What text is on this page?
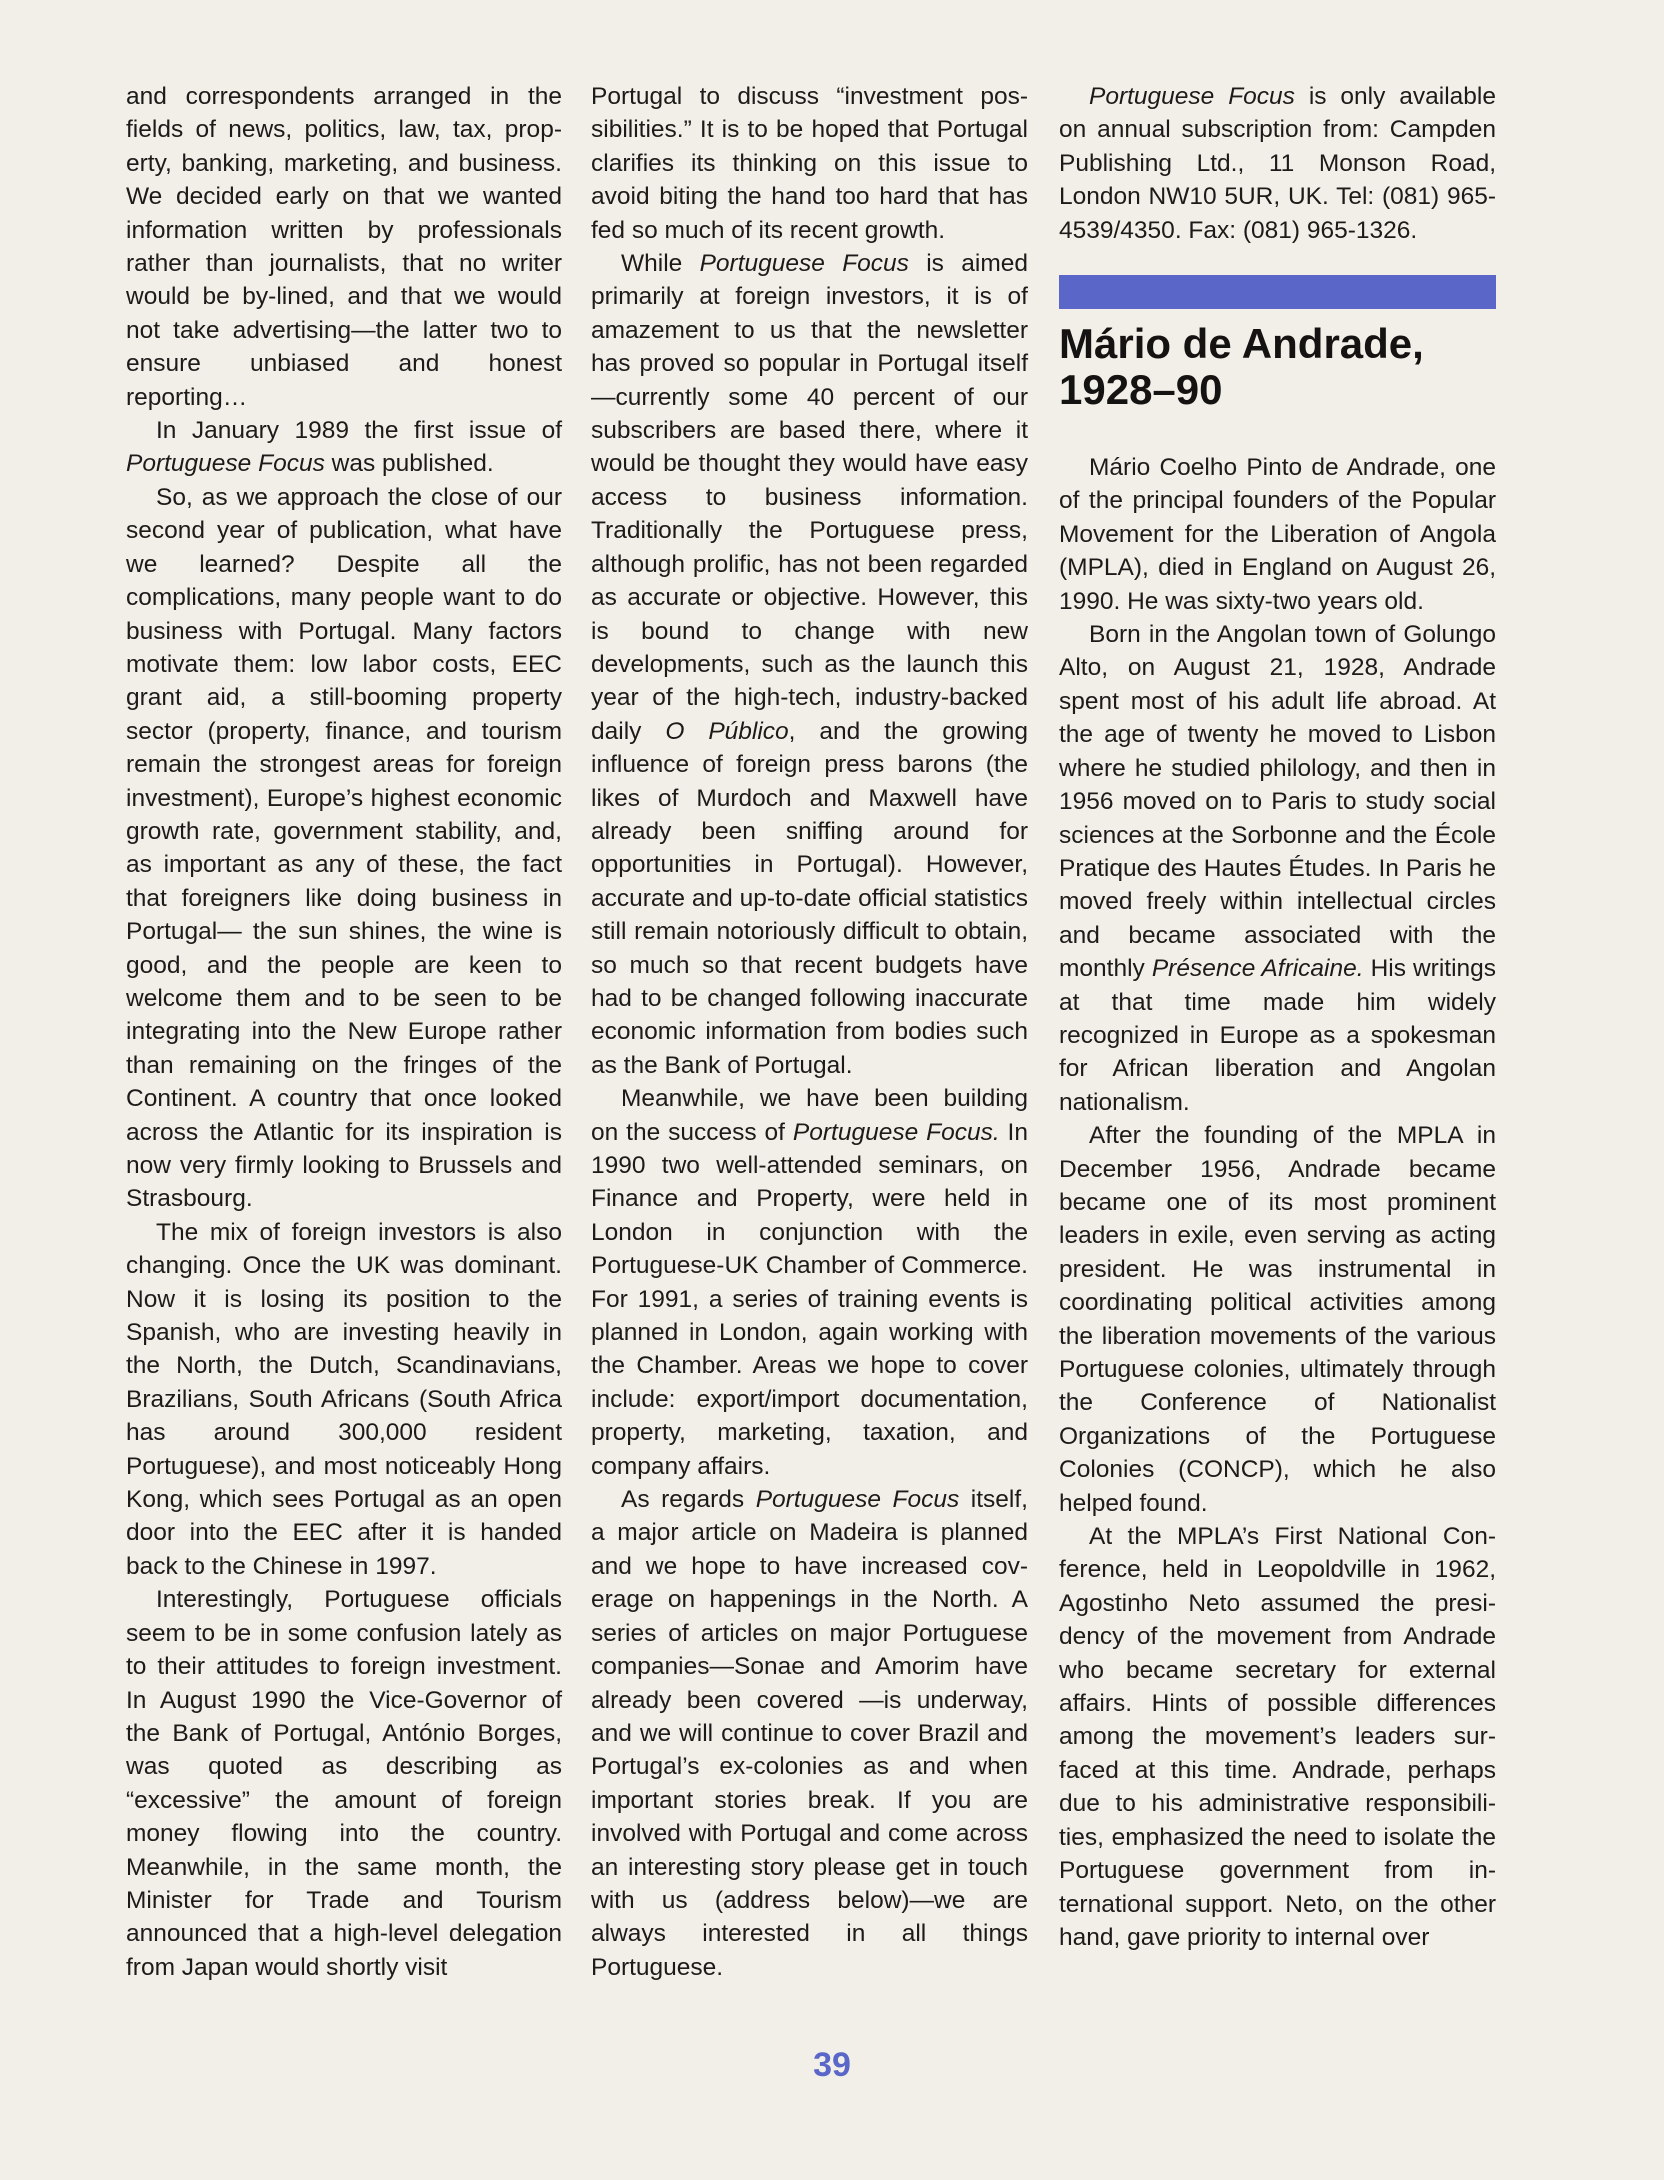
and correspondents arranged in the fields of news, politics, law, tax, property, banking, marketing, and business. We decided early on that we wanted information written by professionals rather than journalists, that no writer would be by-lined, and that we would not take advertising—the latter two to ensure unbiased and honest reporting…

In January 1989 the first issue of Portuguese Focus was published.

So, as we approach the close of our second year of publication, what have we learned? Despite all the complications, many people want to do business with Portugal. Many factors motivate them: low labor costs, EEC grant aid, a still-booming property sector (property, finance, and tourism remain the strongest areas for foreign investment), Europe’s highest economic growth rate, government stability, and, as important as any of these, the fact that foreigners like doing business in Portugal— the sun shines, the wine is good, and the people are keen to welcome them and to be seen to be integrating into the New Europe rather than remaining on the fringes of the Continent. A country that once looked across the Atlantic for its inspiration is now very firmly looking to Brussels and Strasbourg.

The mix of foreign investors is also changing. Once the UK was dominant. Now it is losing its position to the Spanish, who are investing heavily in the North, the Dutch, Scandinavians, Brazilians, South Africans (South Africa has around 300,000 resident Portuguese), and most noticeably Hong Kong, which sees Portugal as an open door into the EEC after it is handed back to the Chinese in 1997.

Interestingly, Portuguese officials seem to be in some confusion lately as to their attitudes to foreign investment. In August 1990 the Vice-Governor of the Bank of Portugal, António Borges, was quoted as describing as “excessive” the amount of foreign money flowing into the country. Meanwhile, in the same month, the Minister for Trade and Tourism announced that a high-level delegation from Japan would shortly visit

Portugal to discuss “investment possibilities.” It is to be hoped that Portugal clarifies its thinking on this issue to avoid biting the hand too hard that has fed so much of its recent growth.

While Portuguese Focus is aimed primarily at foreign investors, it is of amazement to us that the newsletter has proved so popular in Portugal itself—currently some 40 percent of our subscribers are based there, where it would be thought they would have easy access to business information. Traditionally the Portuguese press, although prolific, has not been regarded as accurate or objective. However, this is bound to change with new developments, such as the launch this year of the high-tech, industry-backed daily O Público, and the growing influence of foreign press barons (the likes of Murdoch and Maxwell have already been sniffing around for opportunities in Portugal). However, accurate and up-to-date official statistics still remain notoriously difficult to obtain, so much so that recent budgets have had to be changed following inaccurate economic information from bodies such as the Bank of Portugal.

Meanwhile, we have been building on the success of Portuguese Focus. In 1990 two well-attended seminars, on Finance and Property, were held in London in conjunction with the Portuguese-UK Chamber of Commerce. For 1991, a series of training events is planned in London, again working with the Chamber. Areas we hope to cover include: export/import documentation, property, marketing, taxation, and company affairs.

As regards Portuguese Focus itself, a major article on Madeira is planned and we hope to have increased coverage on happenings in the North. A series of articles on major Portuguese companies—Sonae and Amorim have already been covered —is underway, and we will continue to cover Brazil and Portugal’s ex-colonies as and when important stories break. If you are involved with Portugal and come across an interesting story please get in touch with us (address below)—we are always interested in all things Portuguese.

Portuguese Focus is only available on annual subscription from: Campden Publishing Ltd., 11 Monson Road, London NW10 5UR, UK. Tel: (081) 965-4539/4350. Fax: (081) 965-1326.

Mário de Andrade, 1928–90

Mário Coelho Pinto de Andrade, one of the principal founders of the Popular Movement for the Liberation of Angola (MPLA), died in England on August 26, 1990. He was sixty-two years old.

Born in the Angolan town of Golungo Alto, on August 21, 1928, Andrade spent most of his adult life abroad. At the age of twenty he moved to Lisbon where he studied philology, and then in 1956 moved on to Paris to study social sciences at the Sorbonne and the École Pratique des Hautes Études. In Paris he moved freely within intellectual circles and became associated with the monthly Présence Africaine. His writings at that time made him widely recognized in Europe as a spokesman for African liberation and Angolan nationalism.

After the founding of the MPLA in December 1956, Andrade became became one of its most prominent leaders in exile, even serving as acting president. He was instrumental in coordinating political activities among the liberation movements of the various Portuguese colonies, ultimately through the Conference of Nationalist Organizations of the Portuguese Colonies (CONCP), which he also helped found.

At the MPLA’s First National Conference, held in Leopoldville in 1962, Agostinho Neto assumed the presidency of the movement from Andrade who became secretary for external affairs. Hints of possible differences among the movement’s leaders surfaced at this time. Andrade, perhaps due to his administrative responsibilities, emphasized the need to isolate the Portuguese government from international support. Neto, on the other hand, gave priority to internal over

39
